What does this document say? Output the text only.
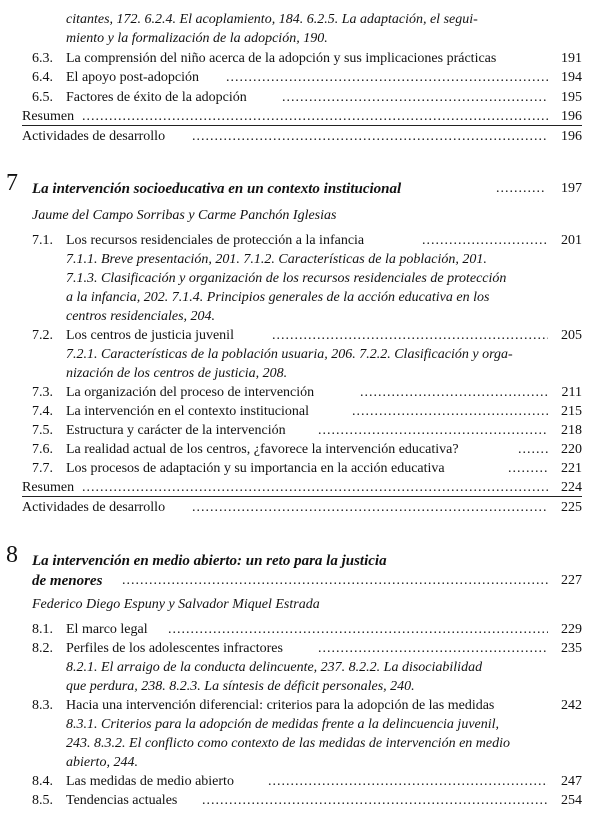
citantes, 172. 6.2.4. El acoplamiento, 184. 6.2.5. La adaptación, el segui-
miento y la formalización de la adopción, 190.
6.3. La comprensión del niño acerca de la adopción y sus implicaciones prácticas	191
6.4. El apoyo post-adopción .....	194
6.5. Factores de éxito de la adopción .....	195
Resumen .....	196
Actividades de desarrollo .....	196
7 La intervención socioeducativa en un contexto institucional .....	197
Jaume del Campo Sorribas y Carme Panchón Iglesias
7.1. Los recursos residenciales de protección a la infancia .....	201
7.1.1. Breve presentación, 201. 7.1.2. Características de la población, 201.
7.1.3. Clasificación y organización de los recursos residenciales de protección
a la infancia, 202. 7.1.4. Principios generales de la acción educativa en los
centros residenciales, 204.
7.2. Los centros de justicia juvenil .....	205
7.2.1. Características de la población usuaria, 206. 7.2.2. Clasificación y orga-
nización de los centros de justicia, 208.
7.3. La organización del proceso de intervención .....	211
7.4. La intervención en el contexto institucional .....	215
7.5. Estructura y carácter de la intervención .....	218
7.6. La realidad actual de los centros, ¿favorece la intervención educativa? .....	220
7.7. Los procesos de adaptación y su importancia en la acción educativa .....	221
Resumen .....	224
Actividades de desarrollo .....	225
8 La intervención en medio abierto: un reto para la justicia
de menores .....	227
Federico Diego Espuny y Salvador Miquel Estrada
8.1. El marco legal .....	229
8.2. Perfiles de los adolescentes infractores .....	235
8.2.1. El arraigo de la conducta delincuente, 237. 8.2.2. La disociabilidad
que perdura, 238. 8.2.3. La síntesis de déficit personales, 240.
8.3. Hacia una intervención diferencial: criterios para la adopción de las medidas	242
8.3.1. Criterios para la adopción de medidas frente a la delincuencia juvenil,
243. 8.3.2. El conflicto como contexto de las medidas de intervención en medio
abierto, 244.
8.4. Las medidas de medio abierto .....	247
8.5. Tendencias actuales .....	254
